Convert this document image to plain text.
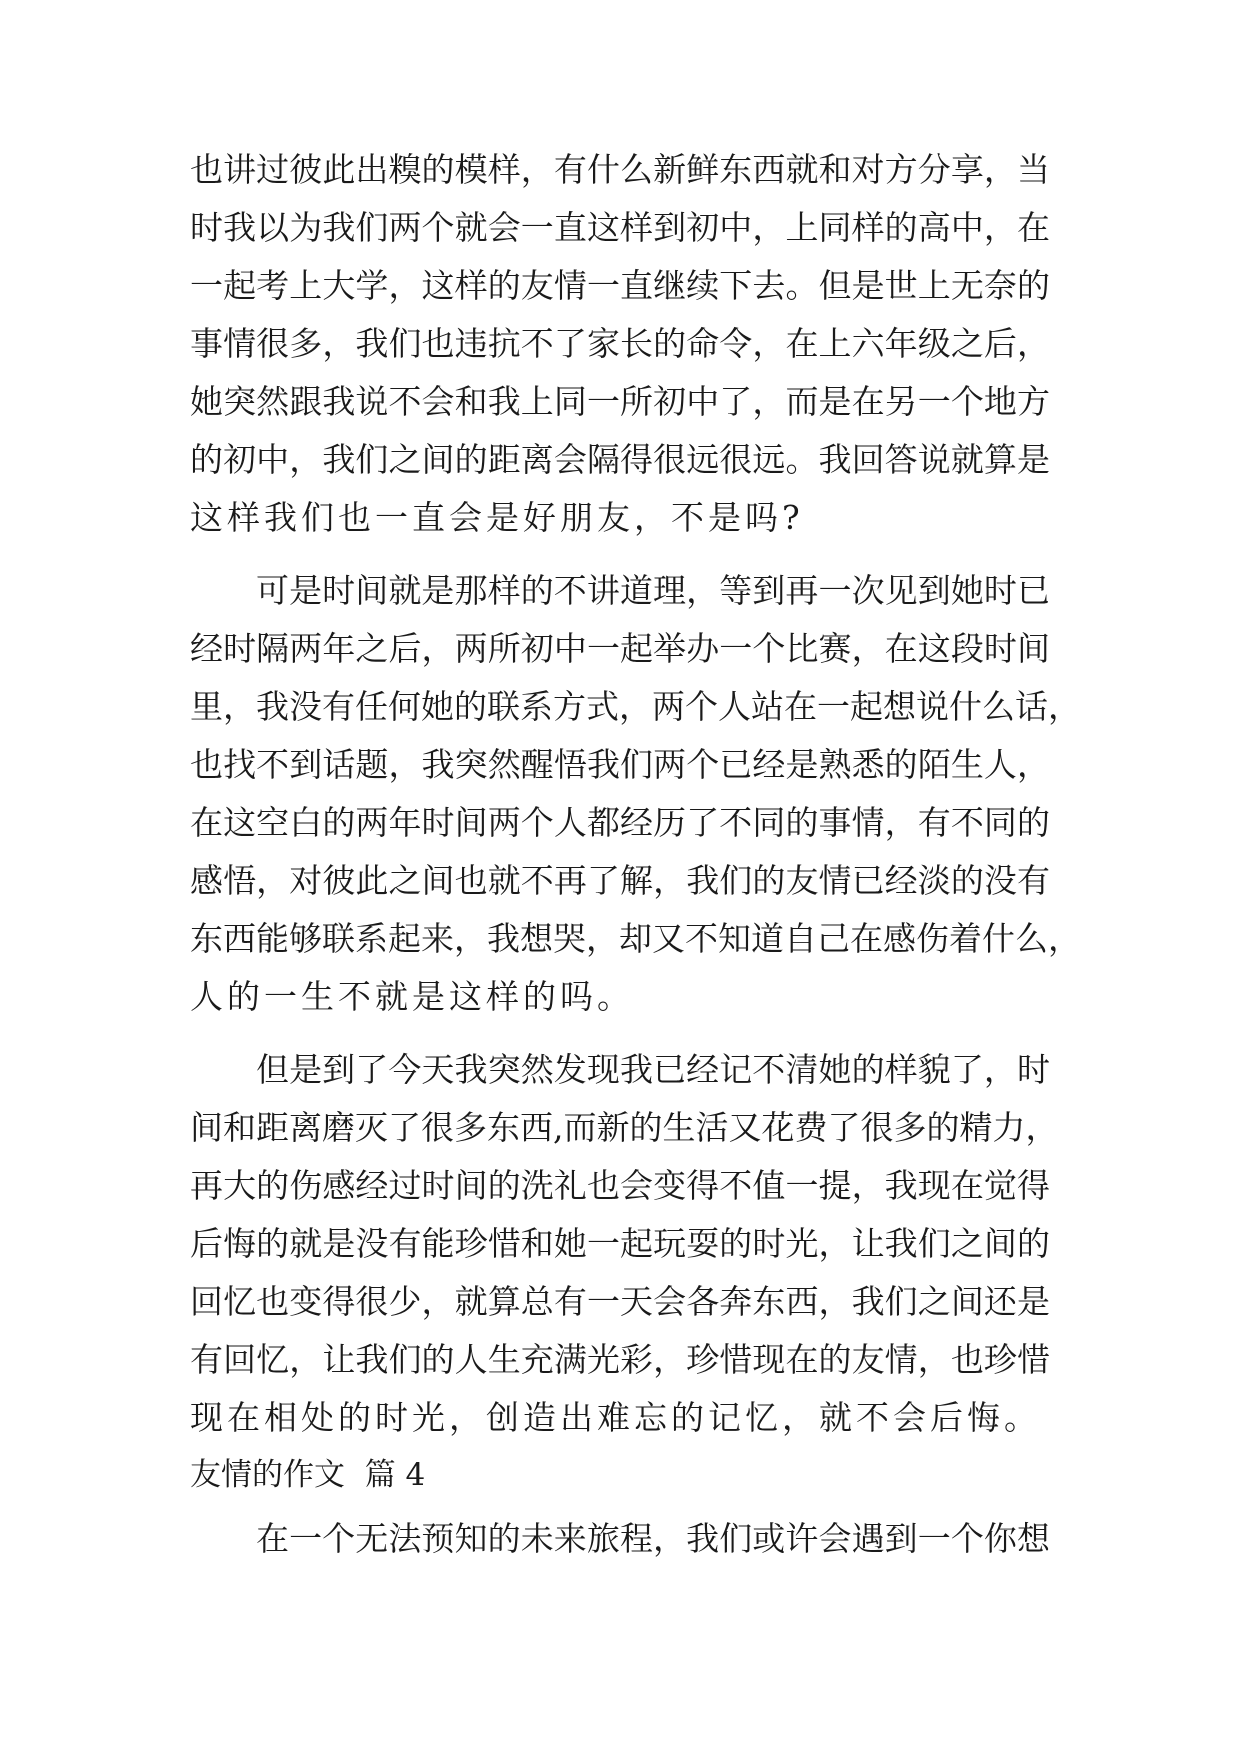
也讲过彼此出糗的模样，有什么新鲜东西就和对方分享，当
时我以为我们两个就会一直这样到初中，上同样的高中，在
一起考上大学，这样的友情一直继续下去。但是世上无奈的
事情很多，我们也违抗不了家长的命令，在上六年级之后，
她突然跟我说不会和我上同一所初中了，而是在另一个地方
的初中，我们之间的距离会隔得很远很远。我回答说就算是
这样我们也一直会是好朋友，不是吗?
可是时间就是那样的不讲道理，等到再一次见到她时已
经时隔两年之后，两所初中一起举办一个比赛，在这段时间
里，我没有任何她的联系方式，两个人站在一起想说什么话，
也找不到话题，我突然醒悟我们两个已经是熟悉的陌生人，
在这空白的两年时间两个人都经历了不同的事情，有不同的
感悟，对彼此之间也就不再了解，我们的友情已经淡的没有
东西能够联系起来，我想哭，却又不知道自己在感伤着什么，
人的一生不就是这样的吗。
但是到了今天我突然发现我已经记不清她的样貌了，时
间和距离磨灭了很多东西,而新的生活又花费了很多的精力，
再大的伤感经过时间的洗礼也会变得不值一提，我现在觉得
后悔的就是没有能珍惜和她一起玩耍的时光，让我们之间的
回忆也变得很少，就算总有一天会各奔东西，我们之间还是
有回忆，让我们的人生充满光彩，珍惜现在的友情，也珍惜
现在相处的时光，创造出难忘的记忆，就不会后悔。
友情的作文  篇 4
在一个无法预知的未来旅程，我们或许会遇到一个你想
